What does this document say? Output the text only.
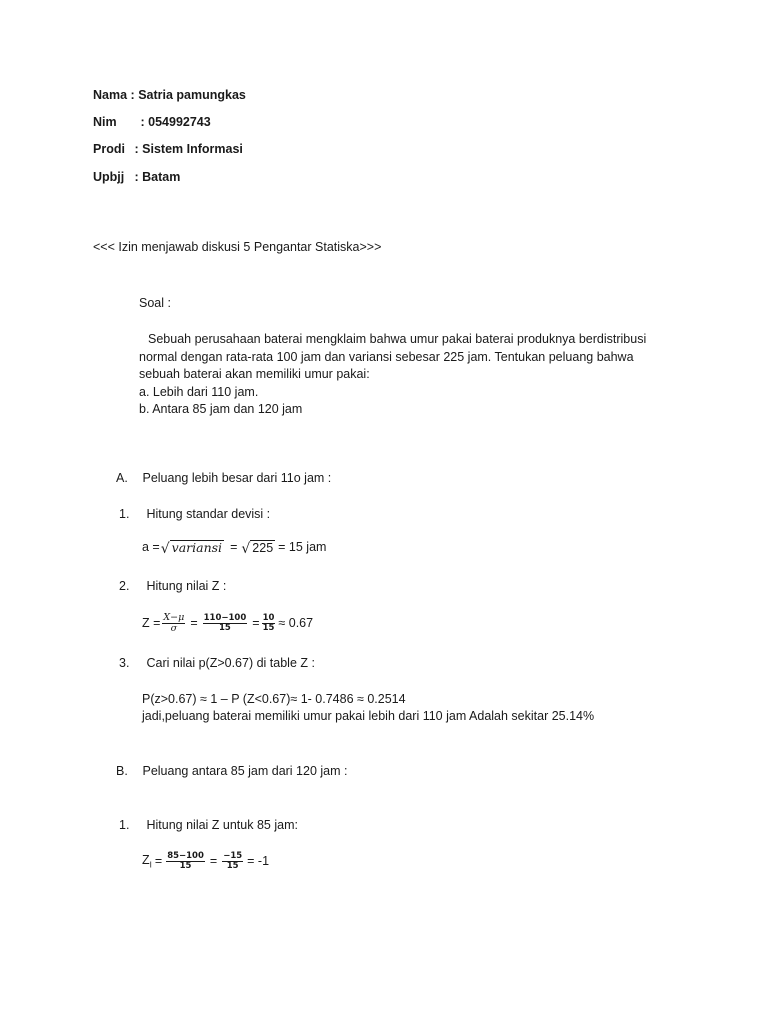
Nama : Satria pamungkas
Nim : 054992743
Prodi : Sistem Informasi
Upbjj : Batam
<<< Izin menjawab diskusi 5 Pengantar Statiska>>>
Soal :
Sebuah perusahaan baterai mengklaim bahwa umur pakai baterai produknya berdistribusi
normal dengan rata-rata 100 jam dan variansi sebesar 225 jam. Tentukan peluang bahwa
sebuah baterai akan memiliki umur pakai:
a. Lebih dari 110 jam.
b. Antara 85 jam dan 120 jam
A. Peluang lebih besar dari 11o jam :
1. Hitung standar devisi :
a = √ variansi = √ 225 = 15 jam
2. Hitung nilai Z :
$Z = \frac{X-\mu}{\sigma} = \frac{110-100}{15} = \frac{10}{15} \approx 0.67$
3. Cari nilai p(Z>0.67) di table Z :
P(z>0.67) ≈ 1 – P (Z<0.67)≈ 1- 0.7486 ≈ 0.2514
jadi,peluang baterai memiliki umur pakai lebih dari 110 jam Adalah sekitar 25.14%
B. Peluang antara 85 jam dari 120 jam :
1. Hitung nilai Z untuk 85 jam:
$Z_I = \frac{85-100}{15} = \frac{-15}{15} = -1$
